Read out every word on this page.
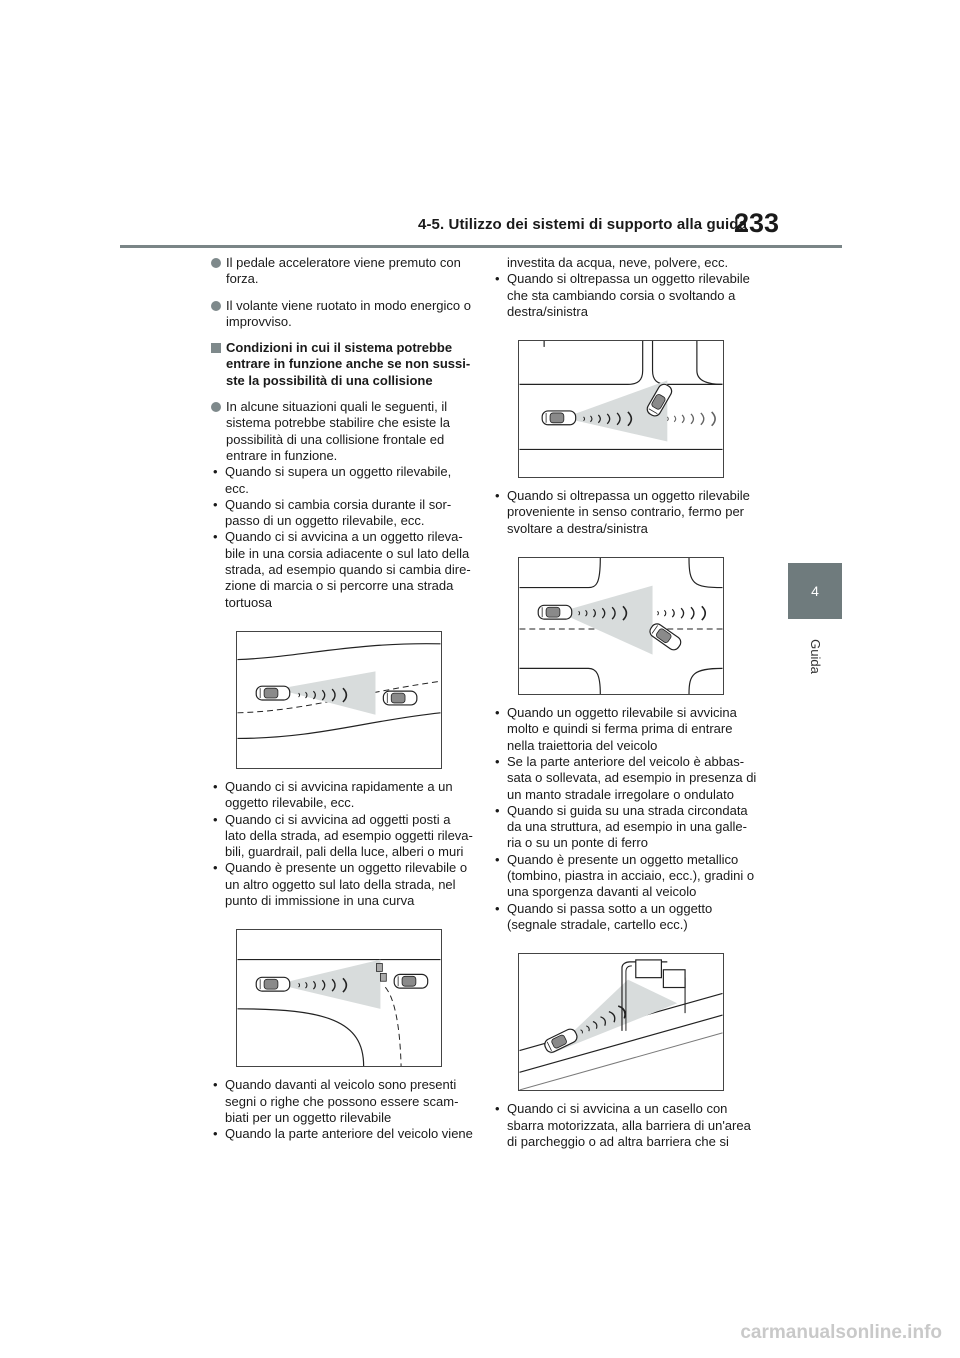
4-5. Utilizzo dei sistemi di supporto alla guida
233
4
Guida
Il pedale acceleratore viene premuto con forza.
Il volante viene ruotato in modo energico o improvviso.
Condizioni in cui il sistema potrebbe entrare in funzione anche se non sussi-ste la possibilità di una collisione
In alcune situazioni quali le seguenti, il sistema potrebbe stabilire che esiste la possibilità di una collisione frontale ed entrare in funzione.
• Quando si supera un oggetto rilevabile, ecc.
• Quando si cambia corsia durante il sor-passo di un oggetto rilevabile, ecc.
• Quando ci si avvicina a un oggetto rileva-bile in una corsia adiacente o sul lato della strada, ad esempio quando si cambia dire-zione di marcia o si percorre una strada tortuosa
• Quando ci si avvicina rapidamente a un oggetto rilevabile, ecc.
• Quando ci si avvicina ad oggetti posti a lato della strada, ad esempio oggetti rileva-bili, guardrail, pali della luce, alberi o muri
• Quando è presente un oggetto rilevabile o un altro oggetto sul lato della strada, nel punto di immissione in una curva
• Quando davanti al veicolo sono presenti segni o righe che possono essere scam-biati per un oggetto rilevabile
• Quando la parte anteriore del veicolo viene
investita da acqua, neve, polvere, ecc.
• Quando si oltrepassa un oggetto rilevabile che sta cambiando corsia o svoltando a destra/sinistra
• Quando si oltrepassa un oggetto rilevabile proveniente in senso contrario, fermo per svoltare a destra/sinistra
• Quando un oggetto rilevabile si avvicina molto e quindi si ferma prima di entrare nella traiettoria del veicolo
• Se la parte anteriore del veicolo è abbas-sata o sollevata, ad esempio in presenza di un manto stradale irregolare o ondulato
• Quando si guida su una strada circondata da una struttura, ad esempio in una galle-ria o su un ponte di ferro
• Quando è presente un oggetto metallico (tombino, piastra in acciaio, ecc.), gradini o una sporgenza davanti al veicolo
• Quando si passa sotto a un oggetto (segnale stradale, cartello ecc.)
• Quando ci si avvicina a un casello con sbarra motorizzata, alla barriera di un'area di parcheggio o ad altra barriera che si
carmanualsonline.info
